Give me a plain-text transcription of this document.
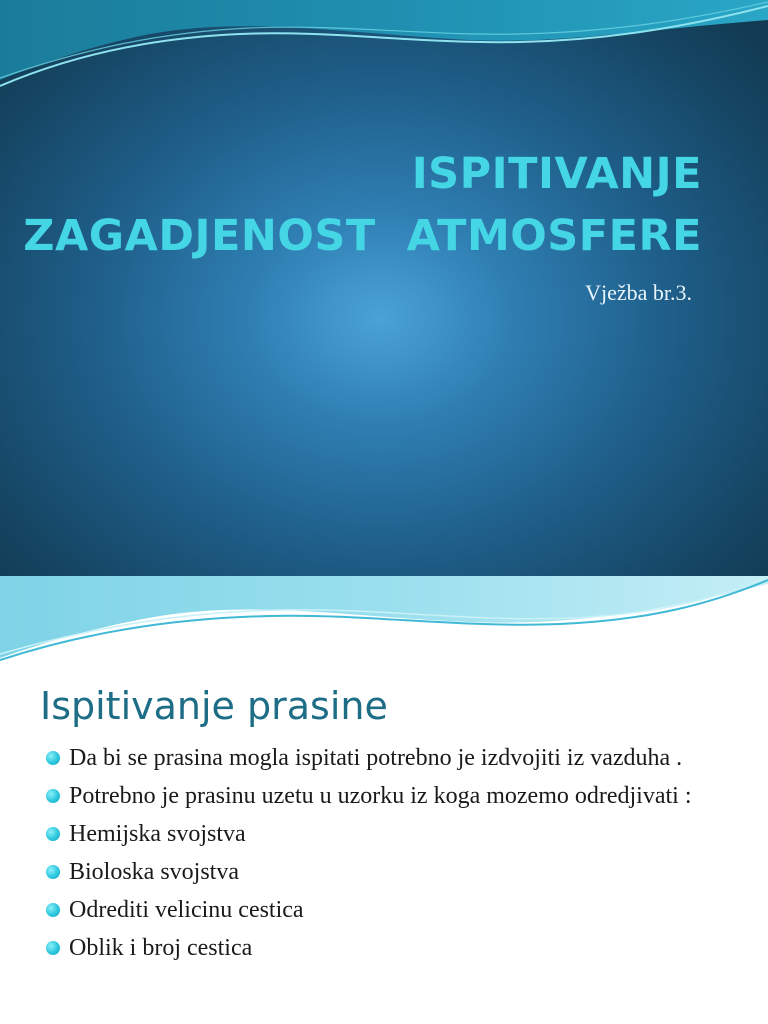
ISPITIVANJE
ZAGADJENOST  ATMOSFERE
Vježba br.3.
Ispitivanje prasine
Da bi se prasina mogla ispitati potrebno je izdvojiti iz vazduha .
Potrebno je prasinu uzetu u uzorku iz koga mozemo odredjivati :
Hemijska svojstva
Bioloska svojstva
Odrediti velicinu cestica
Oblik i broj cestica
